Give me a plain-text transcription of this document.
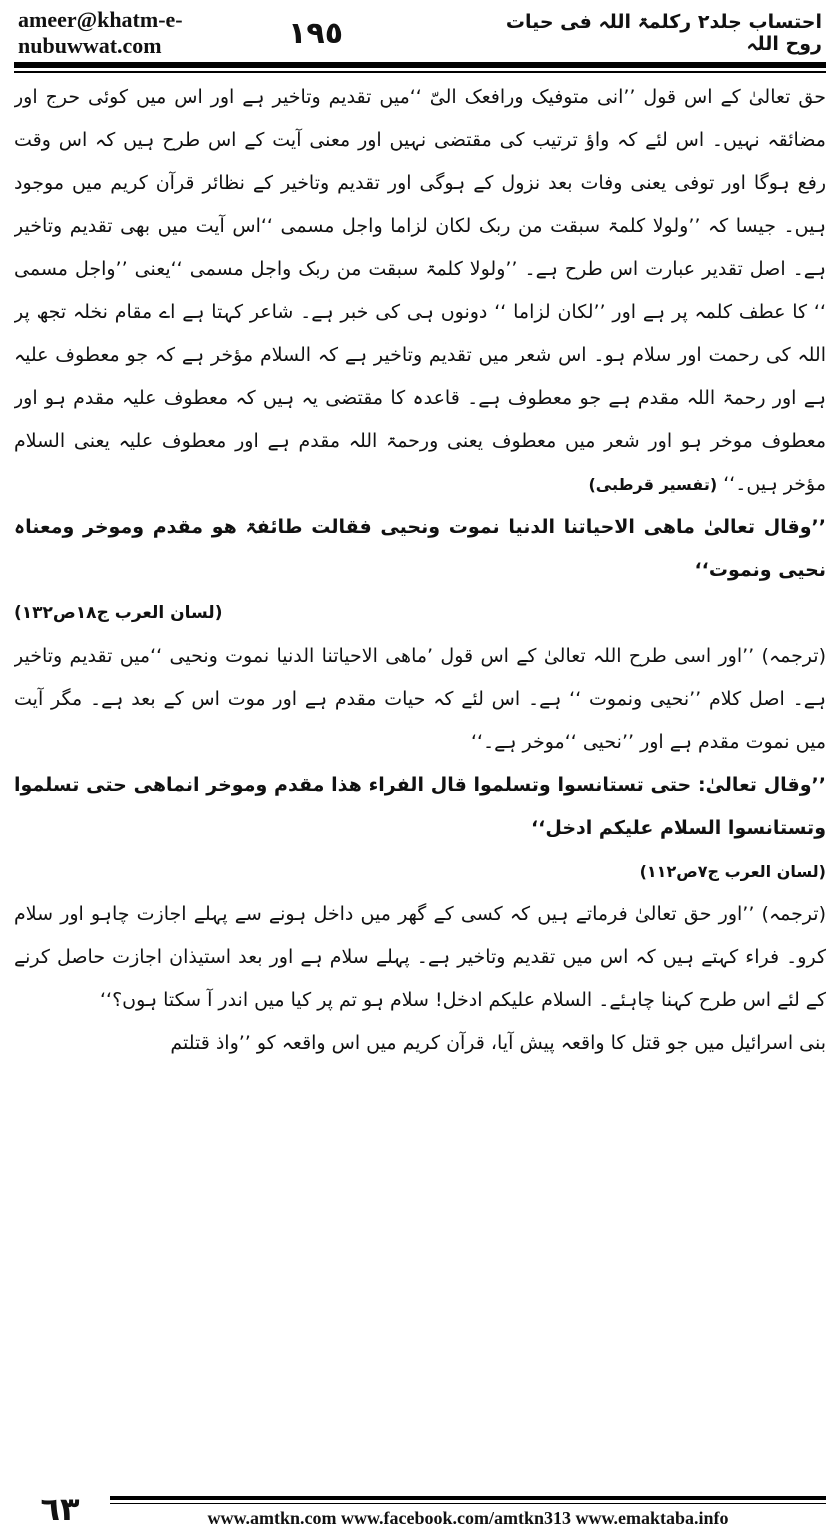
ameer@khatm-e-nubuwwat.com	١٩٥	احتساب جلد۲ رکلمۃ اللہ فی حیات روح اللہ

حق تعالیٰ کے اس قول ’’انی متوفیک ورافعک الیّ ‘‘میں تقدیم وتاخیر ہے اور اس میں کوئی حرج اور مضائقہ نہیں۔ اس لئے کہ واؤ ترتیب کی مقتضی نہیں اور معنی آیت کے اس طرح ہیں کہ اس وقت رفع ہوگا اور توفی یعنی وفات بعد نزول کے ہوگی اور تقدیم وتاخیر کے نظائر قرآن کریم میں موجود ہیں۔ جیسا کہ ’’ولولا کلمۃ سبقت من ربک لکان لزاما واجل مسمی ‘‘اس آیت میں بھی تقدیم وتاخیر ہے۔ اصل تقدیر عبارت اس طرح ہے۔ ’’ولولا کلمۃ سبقت من ربک واجل مسمی ‘‘یعنی ’’واجل مسمی ‘‘ کا عطف کلمہ پر ہے اور ’’لکان لزاما ‘‘ دونوں ہی کی خبر ہے۔ شاعر کہتا ہے اے مقام نخلہ تجھ پر اللہ کی رحمت اور سلام ہو۔ اس شعر میں تقدیم وتاخیر ہے کہ السلام مؤخر ہے کہ جو معطوف علیہ ہے اور رحمۃ اللہ مقدم ہے جو معطوف ہے۔ قاعدہ کا مقتضی یہ ہیں کہ معطوف علیہ مقدم ہو اور معطوف موخر ہو اور شعر میں معطوف یعنی ورحمۃ اللہ مقدم ہے اور معطوف علیہ یعنی السلام مؤخر ہیں۔‘‘ (تفسیر قرطبی)

’’وقال تعالیٰ ماھی الاحیاتنا الدنیا نموت ونحیی فقالت طائفۃ ھو مقدم وموخر ومعناہ نحیی ونموت‘‘

(لسان العرب ج۱۸ص۱۳۲)

(ترجمہ) ’’اور اسی طرح اللہ تعالیٰ کے اس قول ’ماھی الاحیاتنا الدنیا نموت ونحیی ‘‘میں تقدیم وتاخیر ہے۔ اصل کلام ’’نحیی ونموت ‘‘ ہے۔ اس لئے کہ حیات مقدم ہے اور موت اس کے بعد ہے۔ مگر آیت میں نموت مقدم ہے اور ’’نحیی ‘‘موخر ہے۔‘‘

’’وقال تعالیٰ: حتی تستانسوا وتسلموا قال الفراء ھذا مقدم وموخر انماھی حتی تسلموا وتستانسوا السلام علیکم ادخل‘‘

(لسان العرب ج۷ص۱۱۲)

(ترجمہ) ’’اور حق تعالیٰ فرماتے ہیں کہ کسی کے گھر میں داخل ہونے سے پہلے اجازت چاہو اور سلام کرو۔ فراء کہتے ہیں کہ اس میں تقدیم وتاخیر ہے۔ پہلے سلام ہے اور بعد استیذان اجازت حاصل کرنے کے لئے اس طرح کہنا چاہئے۔ السلام علیکم ادخل! سلام ہو تم پر کیا میں اندر آ سکتا ہوں؟‘‘

بنی اسرائیل میں جو قتل کا واقعہ پیش آیا، قرآن کریم میں اس واقعہ کو ’’واذ قتلتم

٦٣	www.amtkn.com www.facebook.com/amtkn313 www.emaktaba.info
